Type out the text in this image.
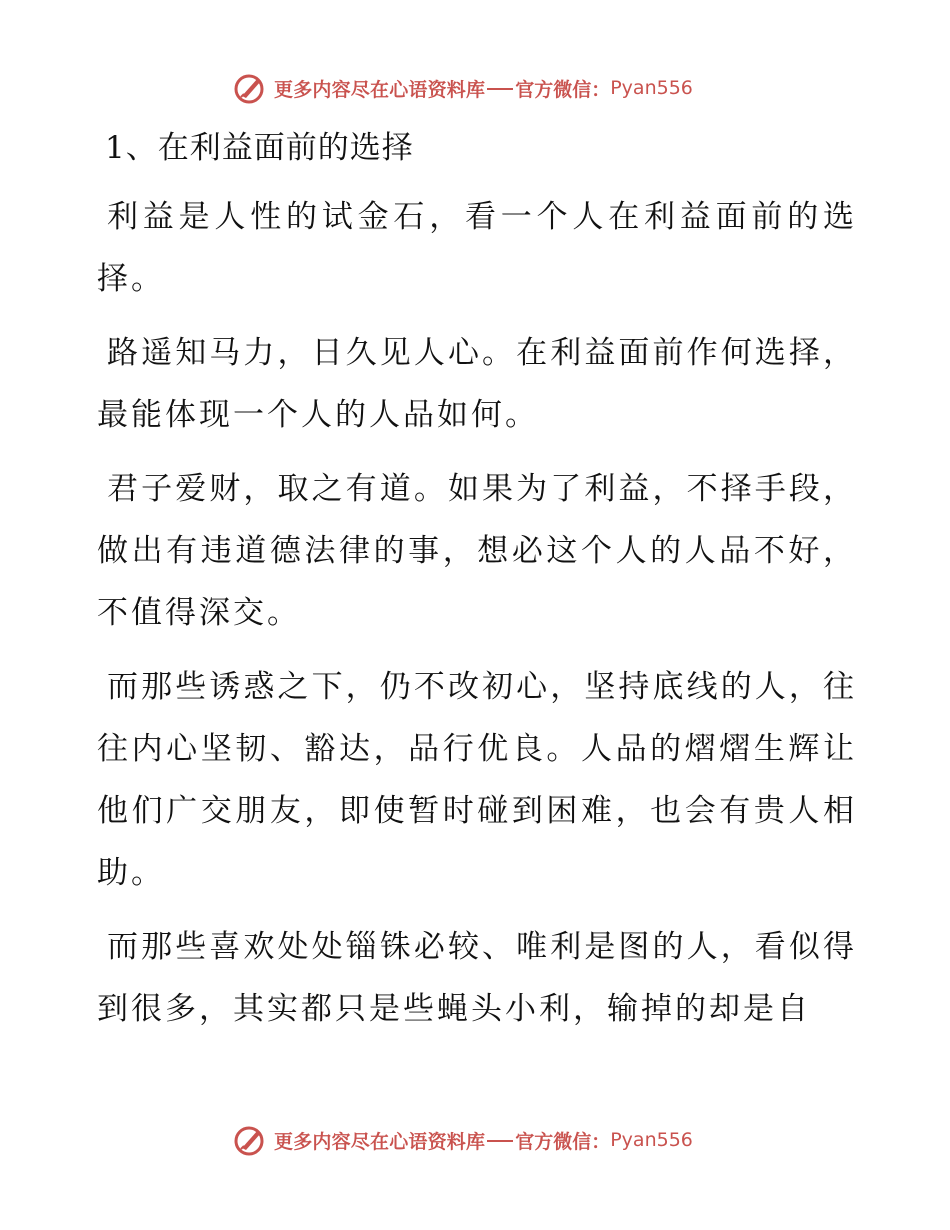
更多内容尽在心语资料库 官方微信： Pyan556
1、在利益面前的选择

利益是人性的试金石，看一个人在利益面前的选择。

路遥知马力，日久见人心。在利益面前作何选择，最能体现一个人的人品如何。

君子爱财，取之有道。如果为了利益，不择手段，做出有违道德法律的事，想必这个人的人品不好，不值得深交。

而那些诱惑之下，仍不改初心，坚持底线的人，往往内心坚韧、豁达，品行优良。人品的熠熠生辉让他们广交朋友，即使暂时碰到困难，也会有贵人相助。

而那些喜欢处处锱铢必较、唯利是图的人，看似得到很多，其实都只是些蝇头小利，输掉的却是自

更多内容尽在心语资料库 官方微信： Pyan556
